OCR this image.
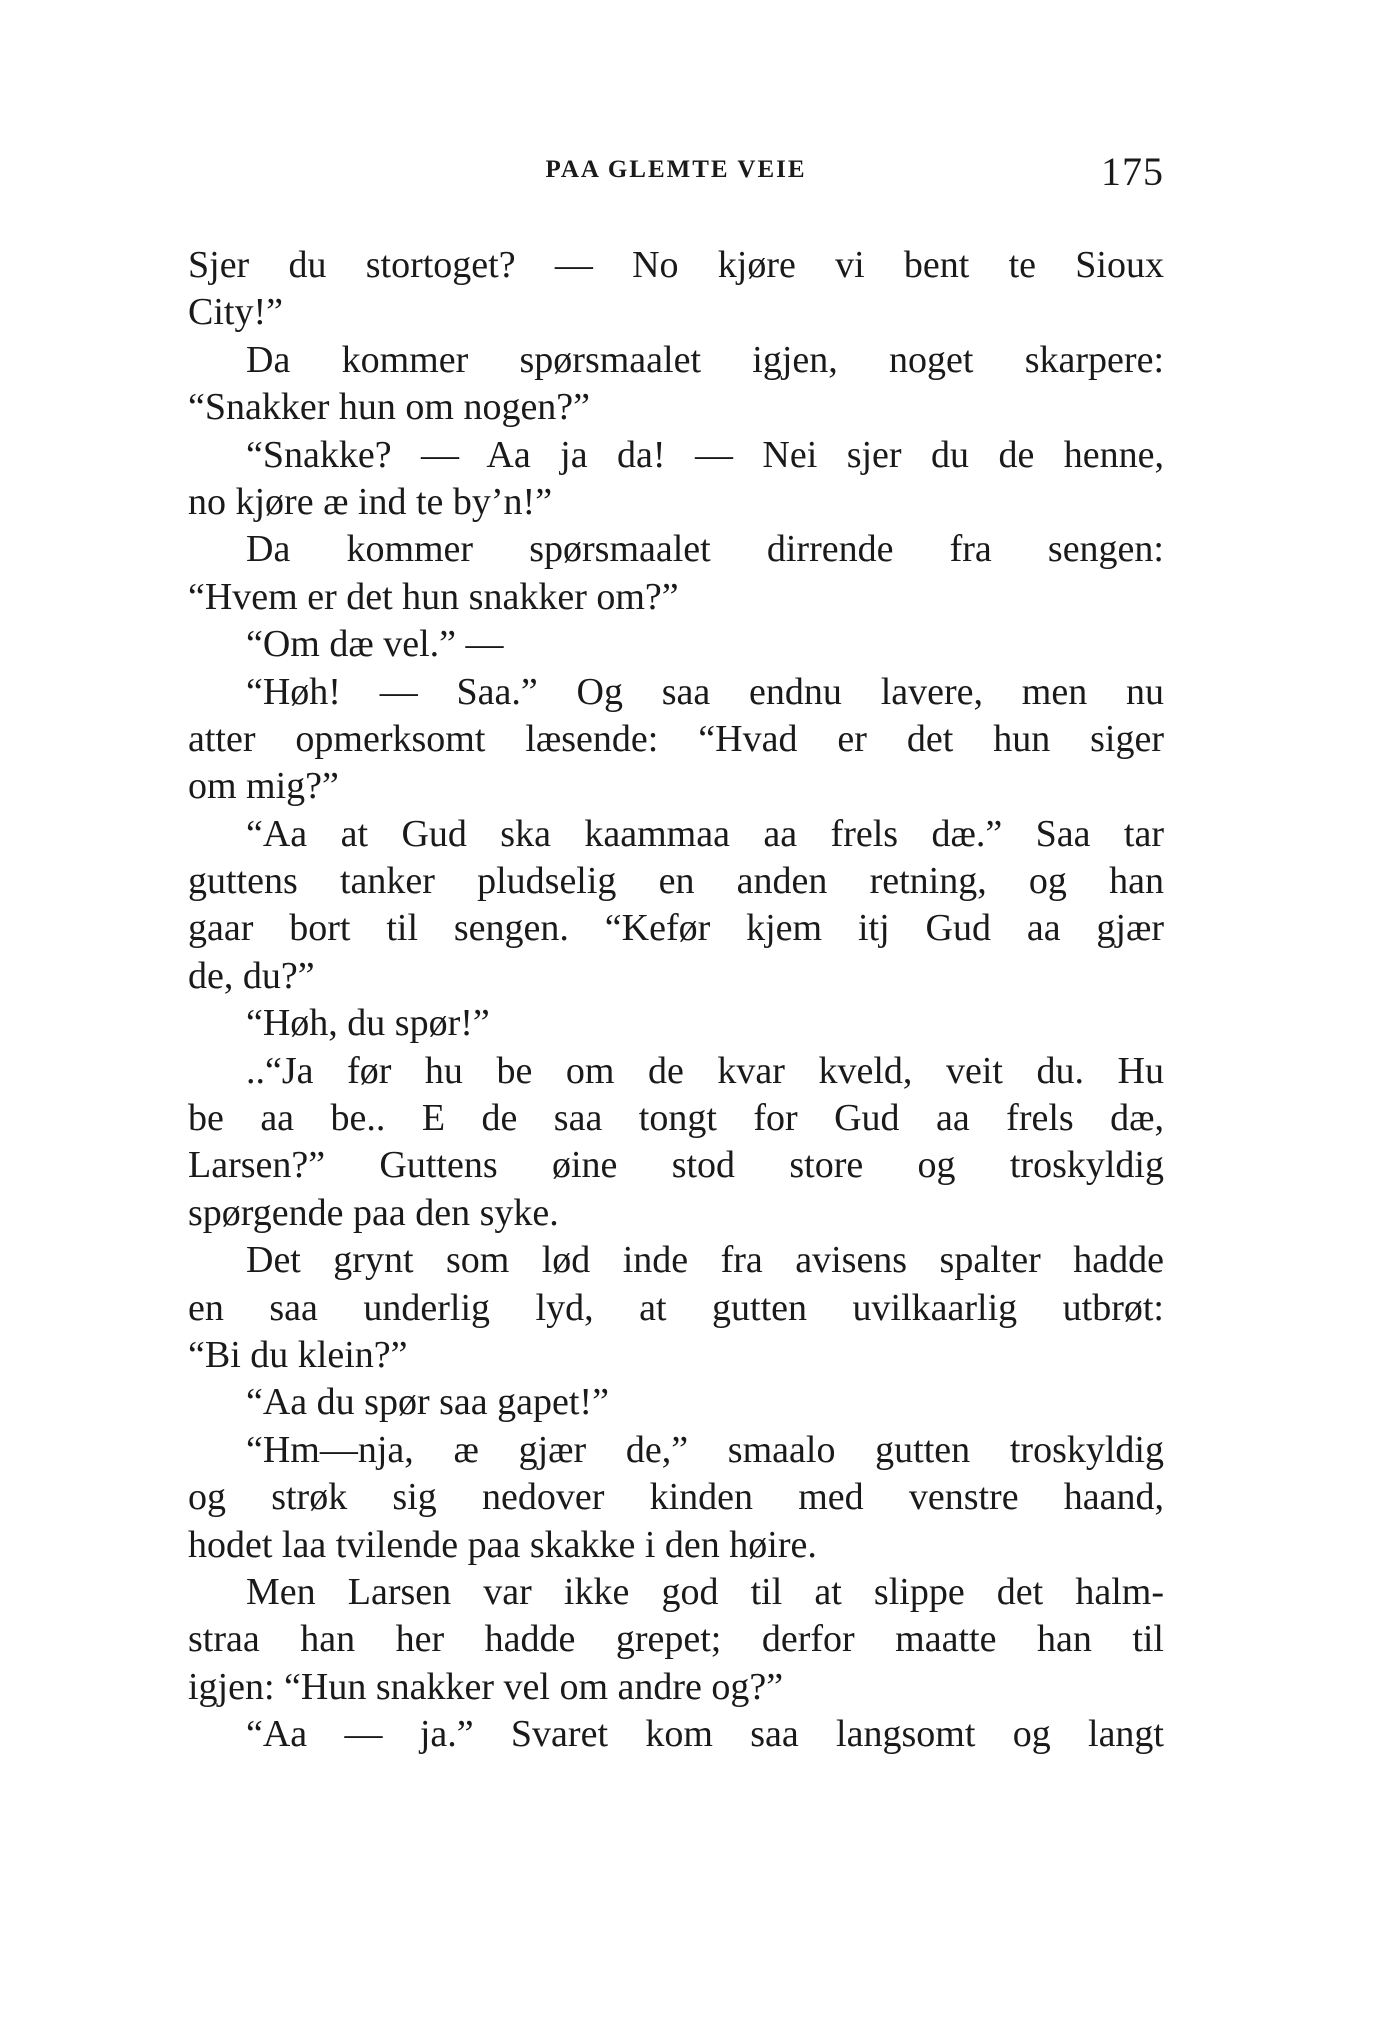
PAA GLEMTE VEIE	175
Sjer du stortoget? — No kjøre vi bent te Sioux
City!”
Da kommer spørsmaalet igjen, noget skarpere:
“Snakker hun om nogen?”
“Snakke? — Aa ja da! — Nei sjer du de henne,
no kjøre æ ind te by’n!”
Da kommer spørsmaalet dirrende fra sengen:
“Hvem er det hun snakker om?”
“Om dæ vel.” —
“Høh! — Saa.” Og saa endnu lavere, men nu
atter opmerksomt læsende: “Hvad er det hun siger
om mig?”
“Aa at Gud ska kaammaa aa frels dæ.” Saa tar
guttens tanker pludselig en anden retning, og han
gaar bort til sengen. “Kefør kjem itj Gud aa gjær
de, du?”
“Høh, du spør!”
..“Ja før hu be om de kvar kveld, veit du. Hu
be aa be.. E de saa tongt for Gud aa frels dæ,
Larsen?” Guttens øine stod store og troskyldig
spørgende paa den syke.
Det grynt som lød inde fra avisens spalter hadde
en saa underlig lyd, at gutten uvilkaarlig utbrøt:
“Bi du klein?”
“Aa du spør saa gapet!”
“Hm—nja, æ gjær de,” smaalo gutten troskyldig
og strøk sig nedover kinden med venstre haand,
hodet laa tvilende paa skakke i den høire.
Men Larsen var ikke god til at slippe det halm-
straa han her hadde grepet; derfor maatte han til
igjen: “Hun snakker vel om andre og?”
“Aa — ja.” Svaret kom saa langsomt og langt
